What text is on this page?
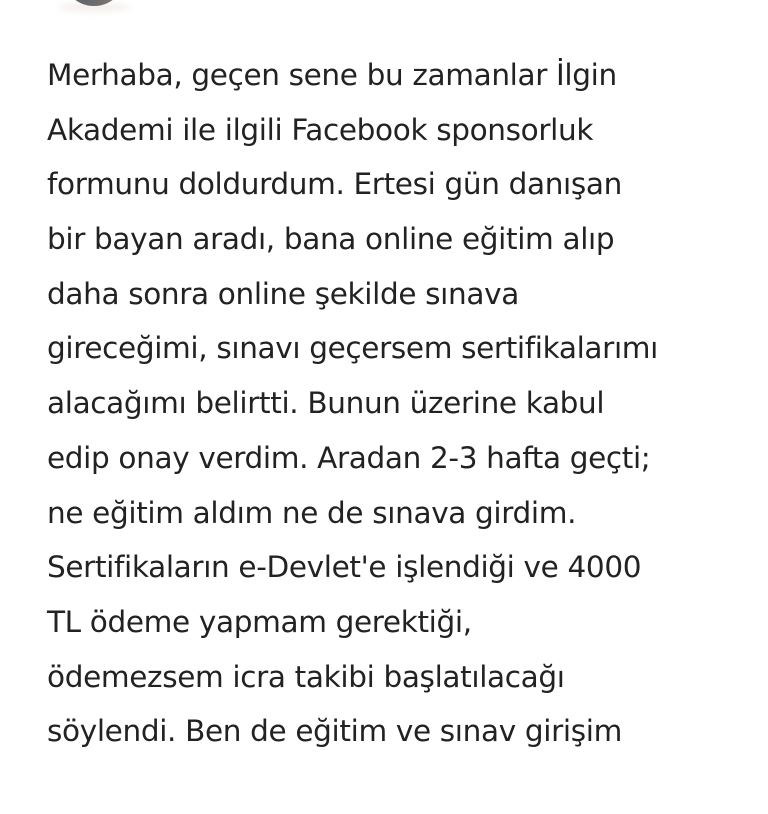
Merhaba, geçen sene bu zamanlar İlgin
Akademi ile ilgili Facebook sponsorluk
formunu doldurdum. Ertesi gün danışan
bir bayan aradı, bana online eğitim alıp
daha sonra online şekilde sınava
gireceğimi, sınavı geçersem sertifikalarımı
alacağımı belirtti. Bunun üzerine kabul
edip onay verdim. Aradan 2-3 hafta geçti;
ne eğitim aldım ne de sınava girdim.
Sertifikaların e-Devlet'e işlendiği ve 4000
TL ödeme yapmam gerektiği,
ödemezsem icra takibi başlatılacağı
söylendi. Ben de eğitim ve sınav girişim
